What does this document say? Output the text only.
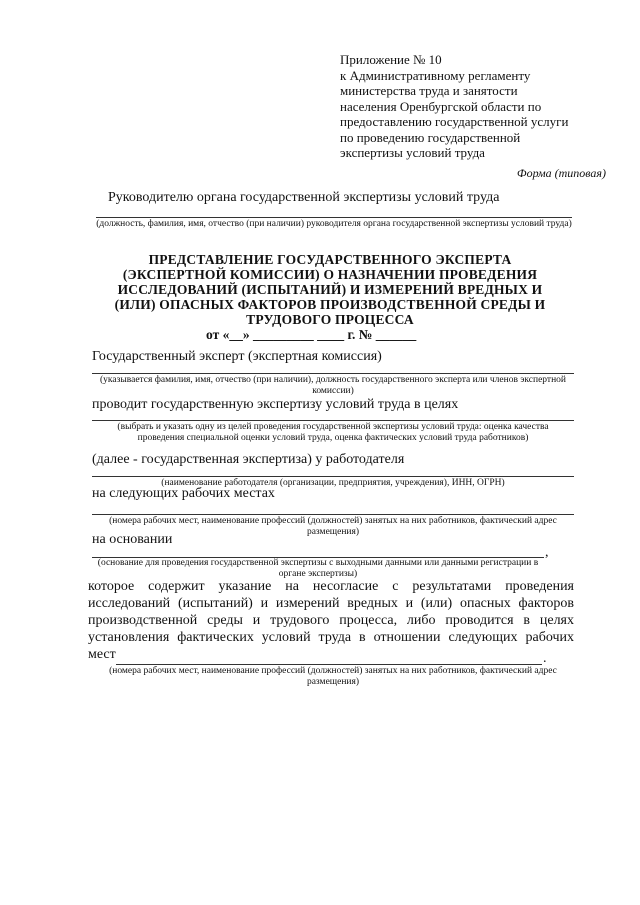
Приложение № 10
к Административному регламенту
министерства труда и занятости
населения Оренбургской области по
предоставлению государственной услуги
по проведению государственной
экспертизы условий труда
Форма (типовая)
Руководителю органа государственной экспертизы условий труда
(должность, фамилия, имя, отчество (при наличии) руководителя органа государственной экспертизы условий труда)
ПРЕДСТАВЛЕНИЕ ГОСУДАРСТВЕННОГО ЭКСПЕРТА
(ЭКСПЕРТНОЙ КОМИССИИ) О НАЗНАЧЕНИИ ПРОВЕДЕНИЯ
ИССЛЕДОВАНИЙ (ИСПЫТАНИЙ) И ИЗМЕРЕНИЙ ВРЕДНЫХ И
(ИЛИ) ОПАСНЫХ ФАКТОРОВ ПРОИЗВОДСТВЕННОЙ СРЕДЫ И
ТРУДОВОГО ПРОЦЕССА
от «__» _________ ____ г. № ______
Государственный эксперт (экспертная комиссия)
(указывается фамилия, имя, отчество (при наличии), должность государственного эксперта или членов экспертной комиссии)
проводит государственную экспертизу условий труда в целях
(выбрать и указать одну из целей проведения государственной экспертизы условий труда: оценка качества проведения специальной оценки условий труда, оценка фактических условий труда работников)
(далее - государственная экспертиза) у работодателя
(наименование работодателя (организации, предприятия, учреждения), ИНН, ОГРН)
на следующих рабочих местах
(номера рабочих мест, наименование профессий (должностей) занятых на них работников, фактический адрес размещения)
на основании
,
(основание для проведения государственной экспертизы с выходными данными или данными регистрации в органе экспертизы)
которое содержит указание на несогласие с результатами проведения исследований (испытаний) и измерений вредных и (или) опасных факторов производственной среды и трудового процесса, либо проводится в целях установления фактических условий труда в отношении следующих рабочих мест	.
(номера рабочих мест, наименование профессий (должностей) занятых на них работников, фактический адрес размещения)
